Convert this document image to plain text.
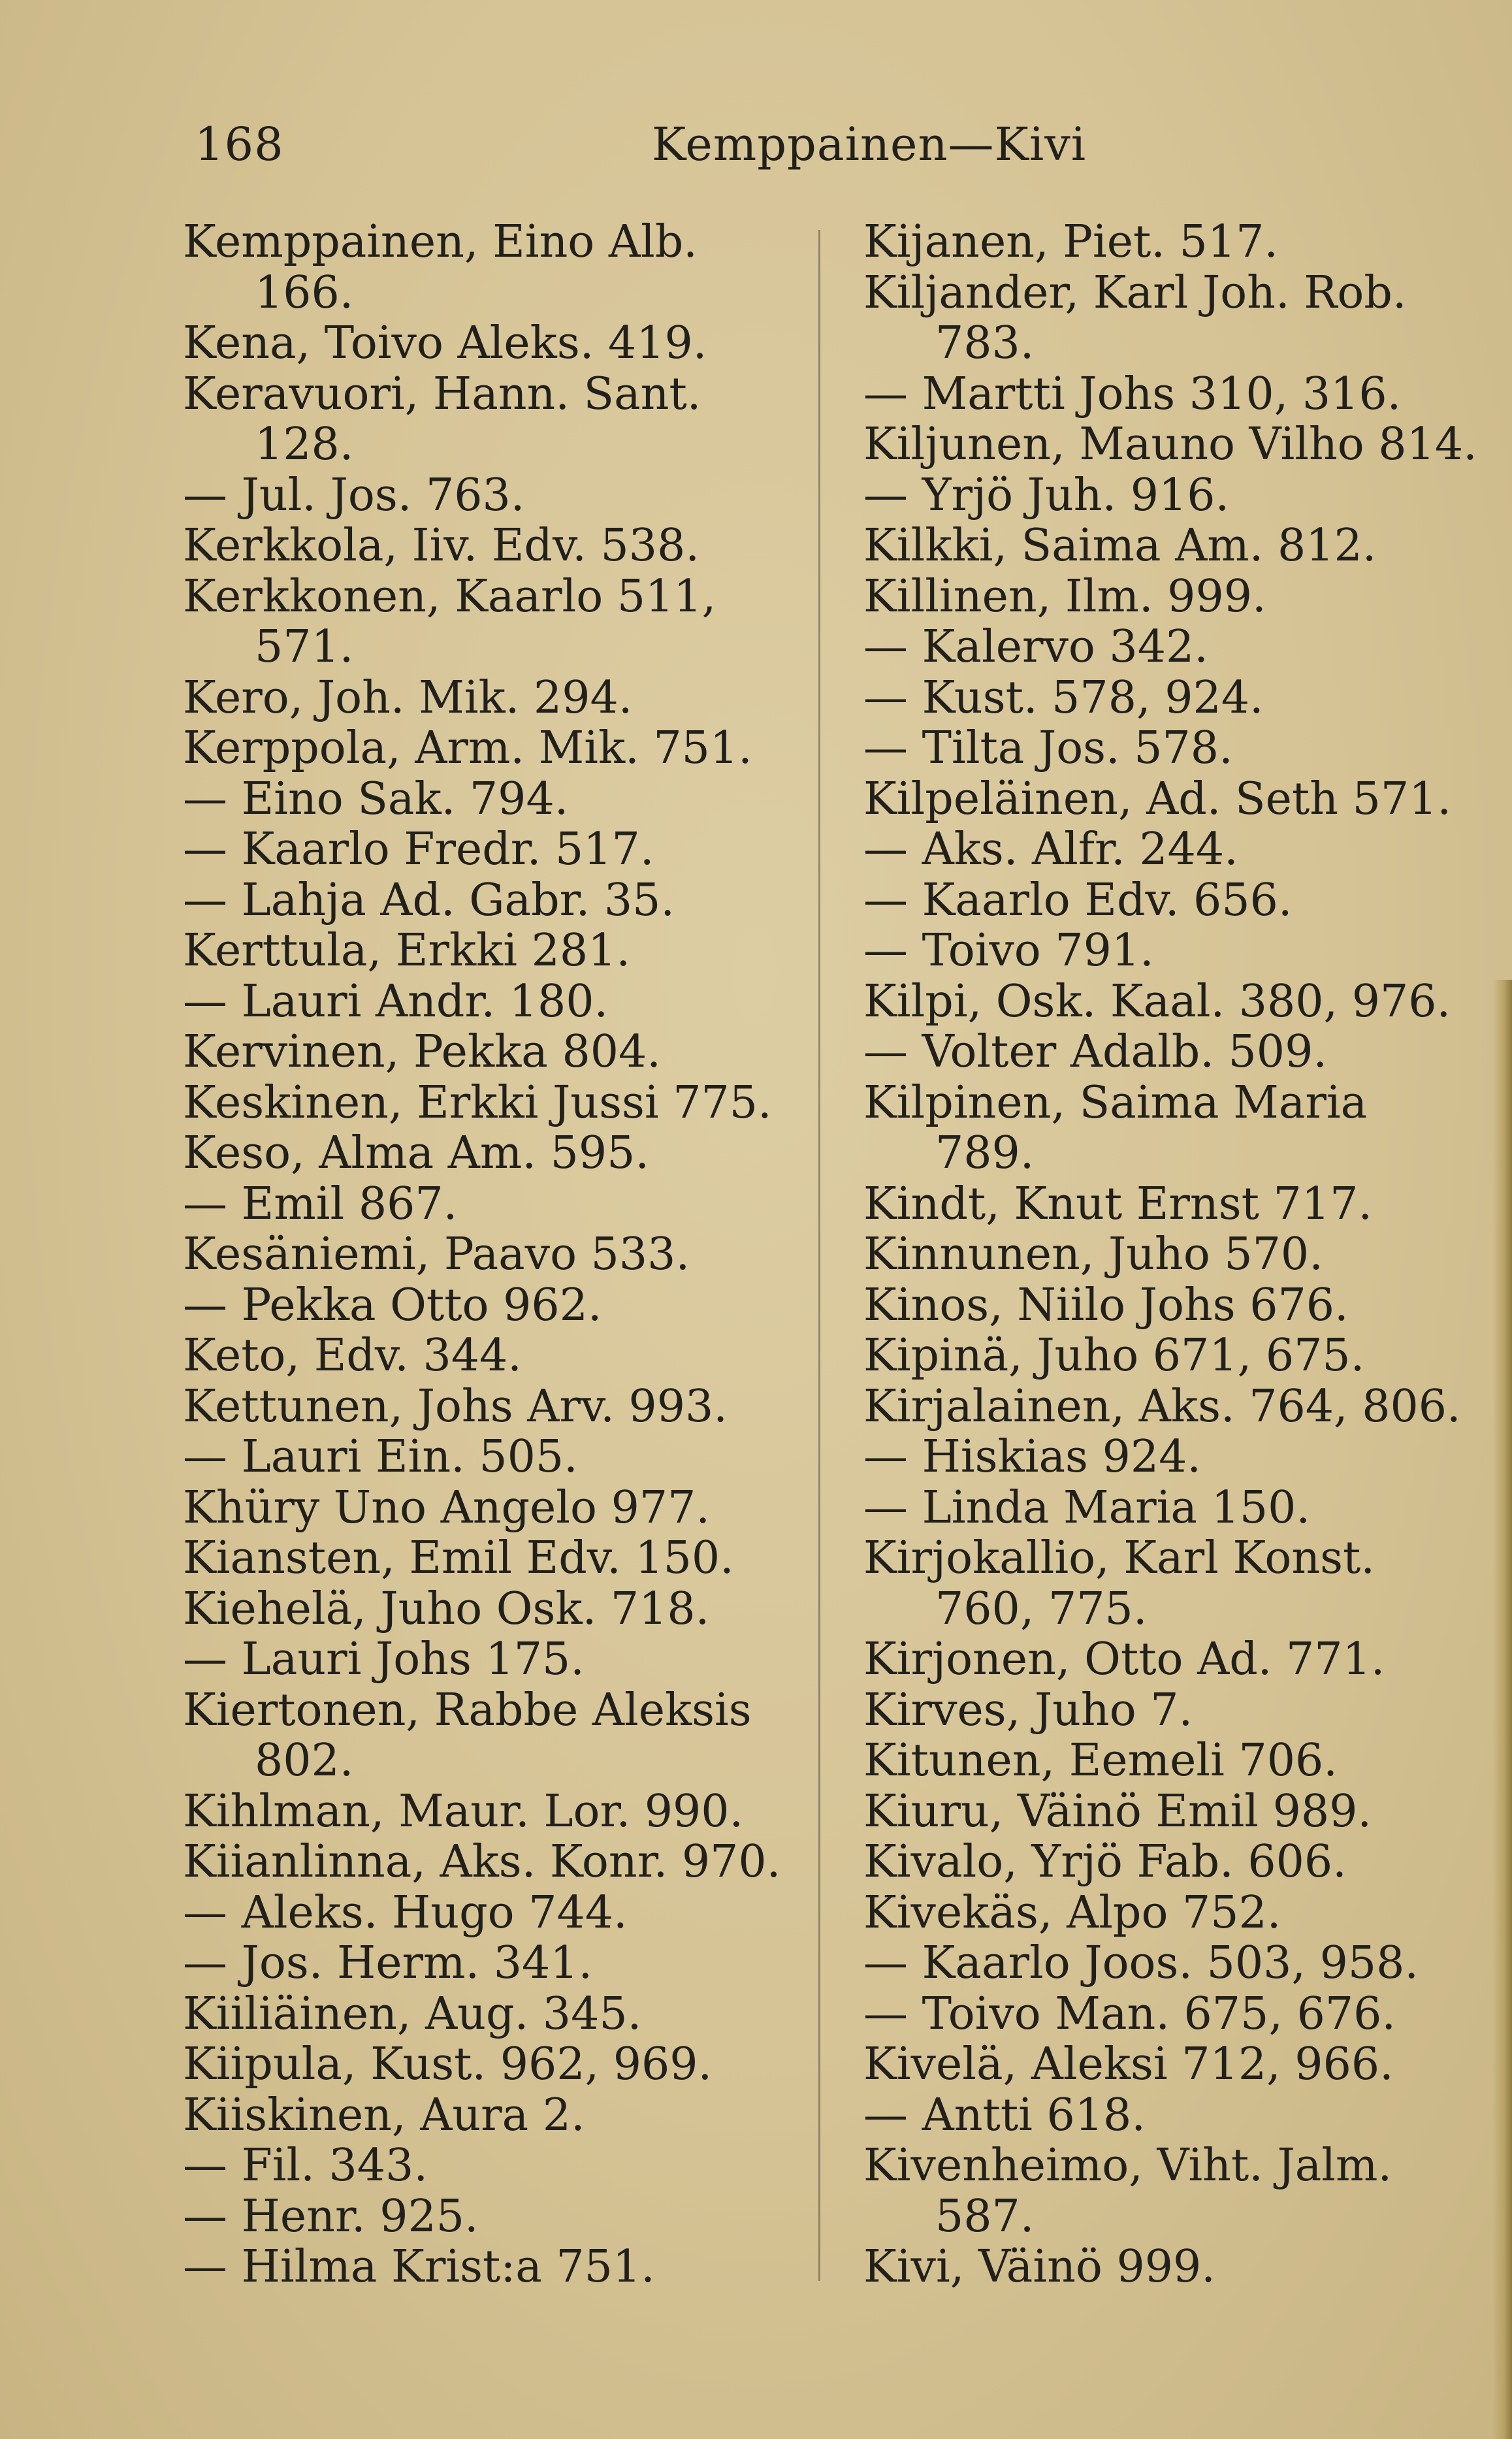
168	Kemppainen—Kivi
Kemppainen, Eino Alb.
166.
Kena, Toivo Aleks. 419.
Keravuori, Hann. Sant.
128.
— Jul. Jos. 763.
Kerkkola, Iiv. Edv. 538.
Kerkkonen, Kaarlo 511,
571.
Kero, Joh. Mik. 294.
Kerppola, Arm. Mik. 751.
— Eino Sak. 794.
— Kaarlo Fredr. 517.
— Lahja Ad. Gabr. 35.
Kerttula, Erkki 281.
— Lauri Andr. 180.
Kervinen, Pekka 804.
Keskinen, Erkki Jussi 775.
Keso, Alma Am. 595.
— Emil 867.
Kesäniemi, Paavo 533.
— Pekka Otto 962.
Keto, Edv. 344.
Kettunen, Johs Arv. 993.
— Lauri Ein. 505.
Khüry Uno Angelo 977.
Kiansten, Emil Edv. 150.
Kiehelä, Juho Osk. 718.
— Lauri Johs 175.
Kiertonen, Rabbe Aleksis
802.
Kihlman, Maur. Lor. 990.
Kiianlinna, Aks. Konr. 970.
— Aleks. Hugo 744.
— Jos. Herm. 341.
Kiiliäinen, Aug. 345.
Kiipula, Kust. 962, 969.
Kiiskinen, Aura 2.
— Fil. 343.
— Henr. 925.
— Hilma Krist:a 751.
Kijanen, Piet. 517.
Kiljander, Karl Joh. Rob.
783.
— Martti Johs 310, 316.
Kiljunen, Mauno Vilho 814.
— Yrjö Juh. 916.
Kilkki, Saima Am. 812.
Killinen, Ilm. 999.
— Kalervo 342.
— Kust. 578, 924.
— Tilta Jos. 578.
Kilpeläinen, Ad. Seth 571.
— Aks. Alfr. 244.
— Kaarlo Edv. 656.
— Toivo 791.
Kilpi, Osk. Kaal. 380, 976.
— Volter Adalb. 509.
Kilpinen, Saima Maria
789.
Kindt, Knut Ernst 717.
Kinnunen, Juho 570.
Kinos, Niilo Johs 676.
Kipinä, Juho 671, 675.
Kirjalainen, Aks. 764, 806.
— Hiskias 924.
— Linda Maria 150.
Kirjokallio, Karl Konst.
760, 775.
Kirjonen, Otto Ad. 771.
Kirves, Juho 7.
Kitunen, Eemeli 706.
Kiuru, Väinö Emil 989.
Kivalo, Yrjö Fab. 606.
Kivekäs, Alpo 752.
— Kaarlo Joos. 503, 958.
— Toivo Man. 675, 676.
Kivelä, Aleksi 712, 966.
— Antti 618.
Kivenheimo, Viht. Jalm.
587.
Kivi, Väinö 999.
